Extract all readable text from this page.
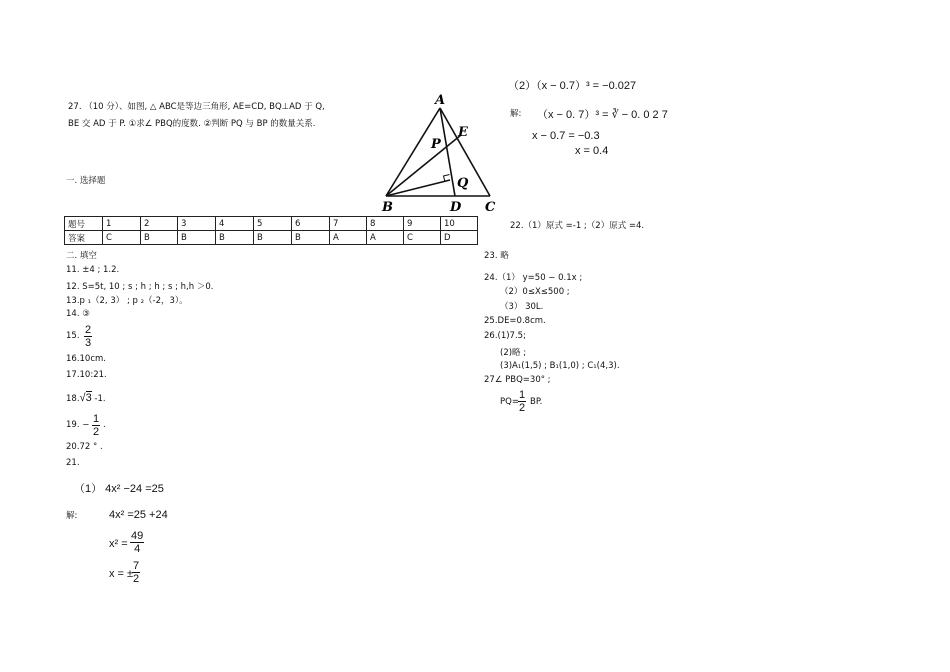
27. （10 分）、如图, △ ABC是等边三角形, AE=CD, BQ⊥AD 于 Q,
BE 交 AD 于 P. ①求∠ PBQ的度数. ②判断 PQ 与 BP 的数量关系.
A
E
P
Q
B	D C
一. 选择题
题号	1	2	3	4	5	6	7	8	9	10
答案	C	B	B	B	B	B	A	A	C	D
二. 填空
11. ±4 ; 1.2.
12. S=5t, 10 ; s ; h ; h ; s ; h,h ＞0.
13.p ₁（2, 3） ; p ₂（-2，3）。
14. ③
15. $\frac{2}{3}$
16.10cm.
17.10:21.
18.√3 -1.
19. − $\frac{1}{2}$ .
20.72 ° .
21.
（1） 4x² −24 =25
解:	4x² =25 +24
$x^2 = \frac{49}{4}$
x = ±
$\frac{7}{2}$
（2）（x − 0.7）³ = −0.027
解: （x − 0. 7）³ = ∛ − 0. 0 2 7
x − 0.7 = −0.3
x = 0.4
22.（1）原式 =-1 ;（2）原式 =4.
23. 略
24.（1） y=50 − 0.1x ;
（2）0≤X≤500 ;
（3） 30L.
25.DE=0.8cm.
26.(1)7.5;
(2)略 ;
(3)A₁(1,5) ; B₁(1,0) ; C₁(4,3).
27∠ PBQ=30° ;
$PQ= \frac{1}{2}$ BP.
